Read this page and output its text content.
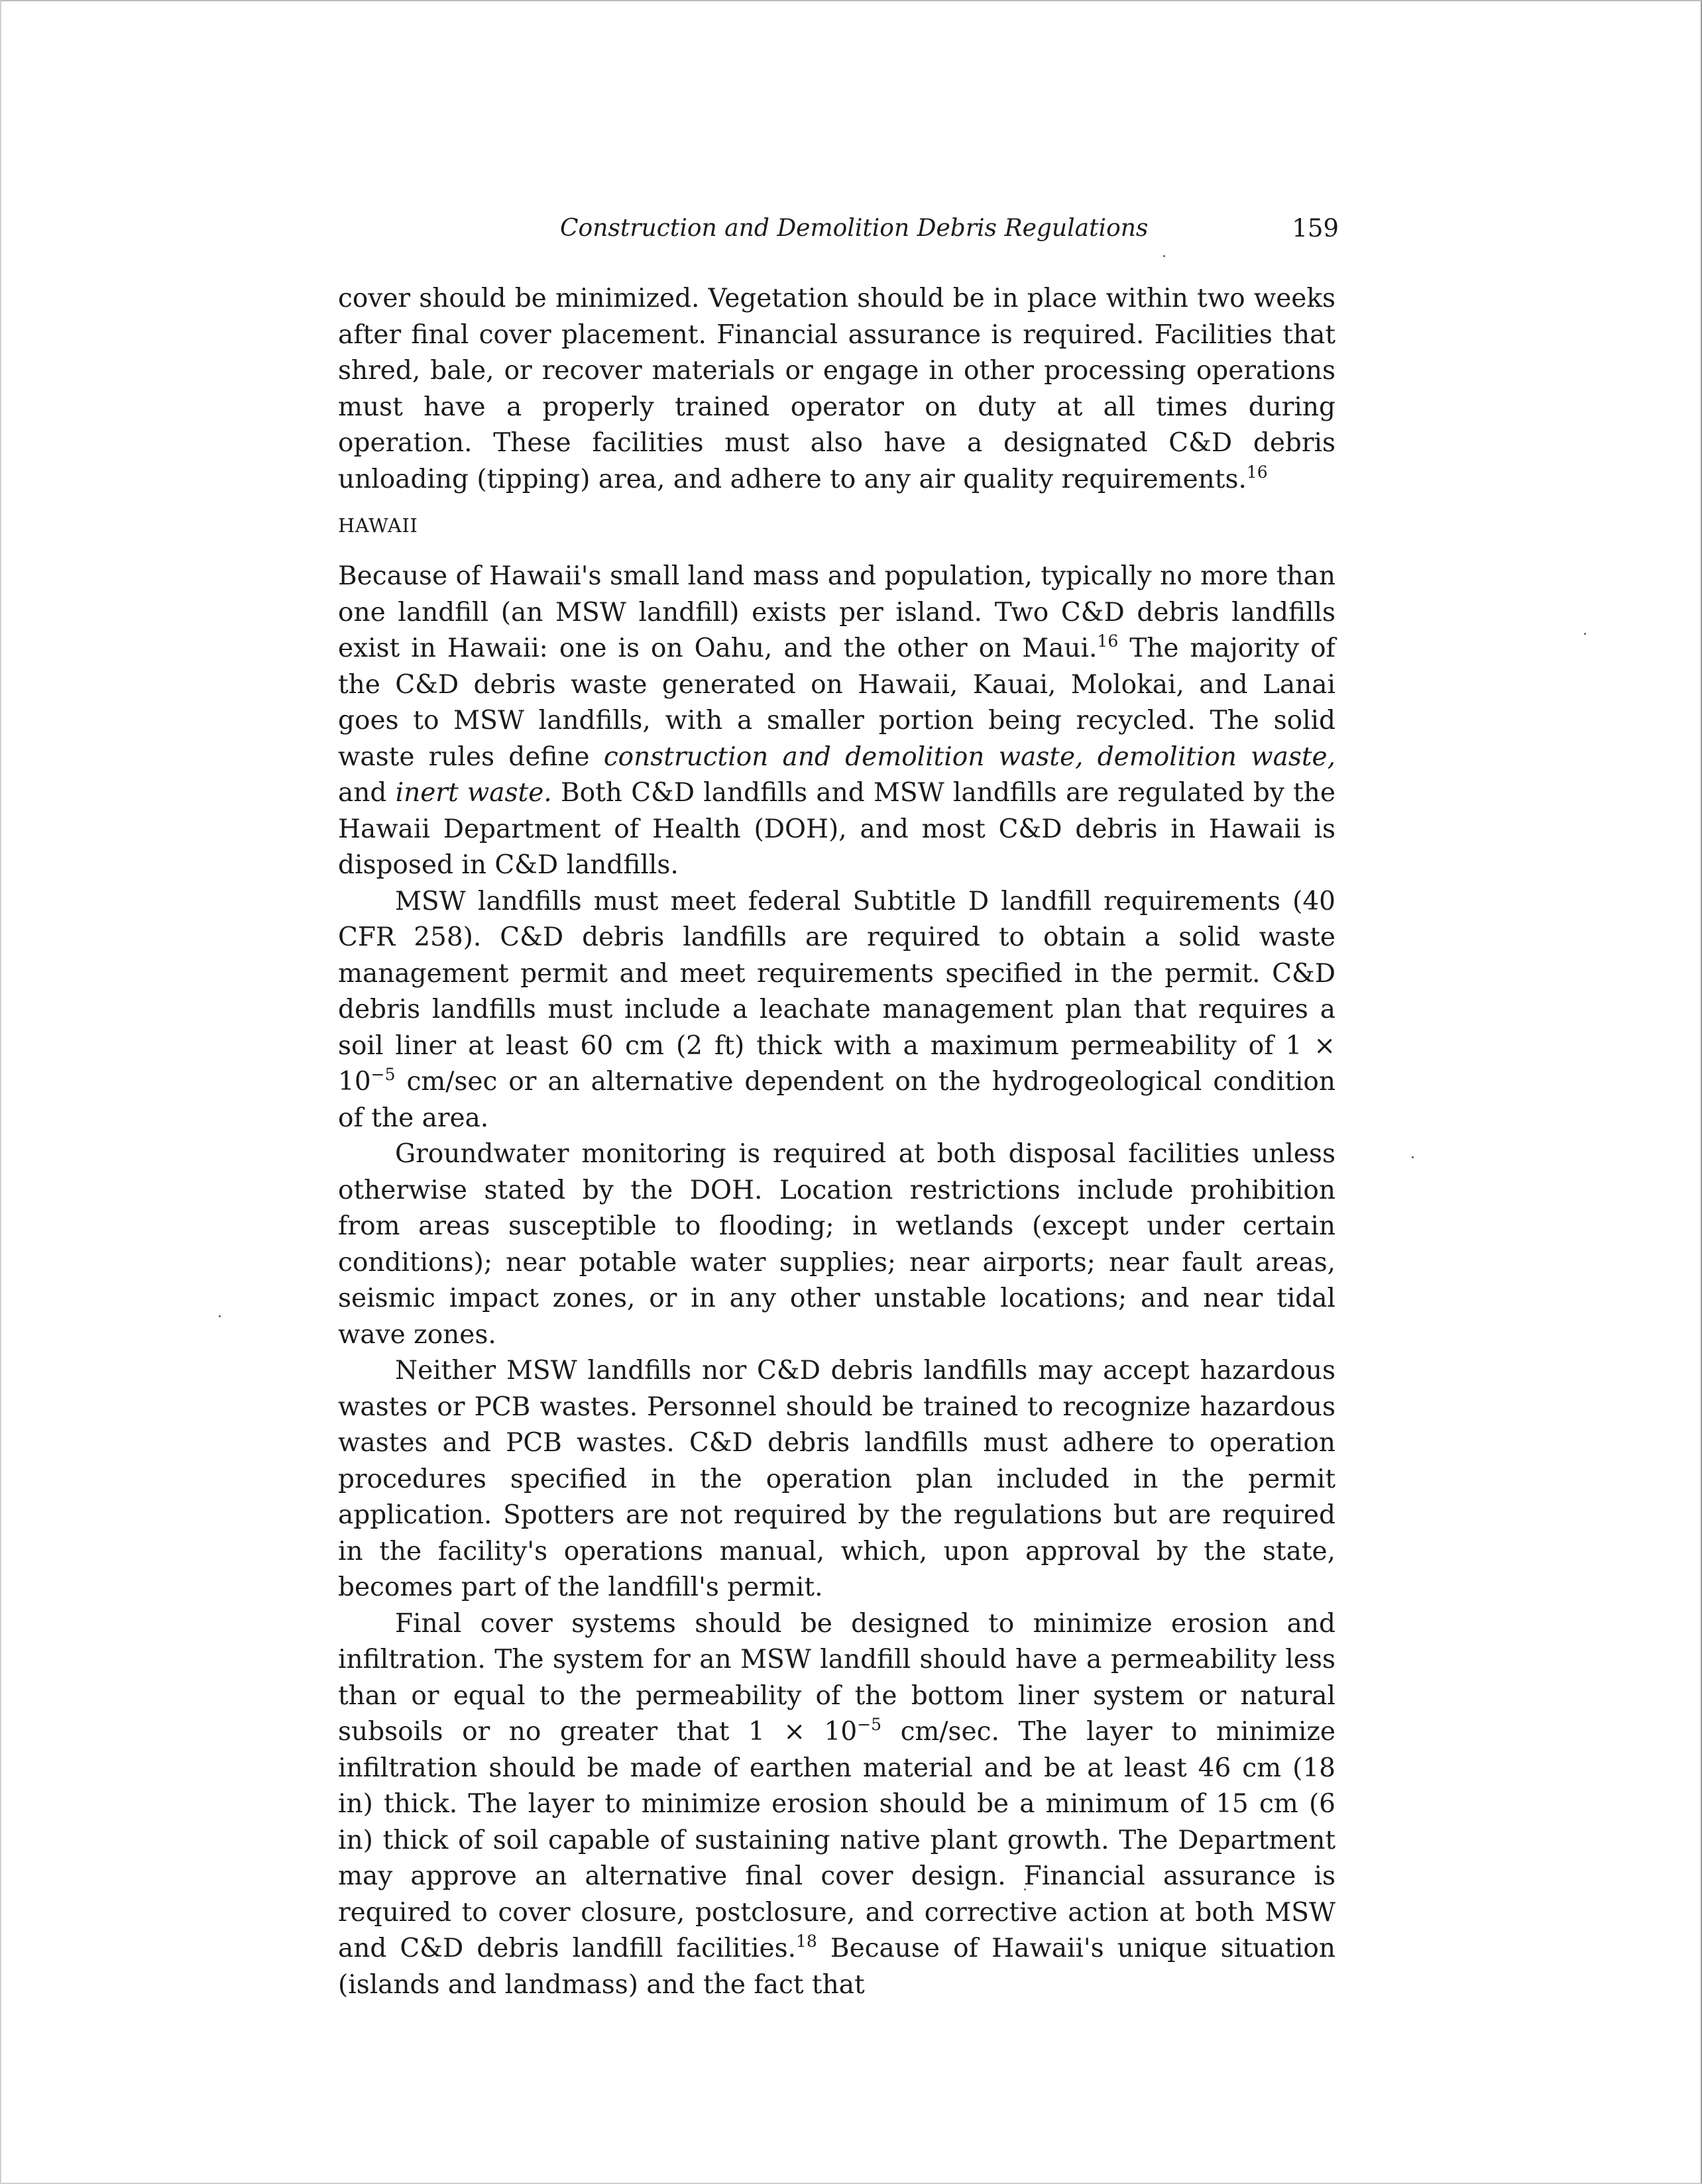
Construction and Demolition Debris Regulations	159

cover should be minimized. Vegetation should be in place within two weeks after final cover placement. Financial assurance is required. Facilities that shred, bale, or recover materials or engage in other processing operations must have a properly trained operator on duty at all times during operation. These facilities must also have a designated C&D debris unloading (tipping) area, and adhere to any air quality requirements.$^{16}$

HAWAII

Because of Hawaii's small land mass and population, typically no more than one landfill (an MSW landfill) exists per island. Two C&D debris landfills exist in Hawaii: one is on Oahu, and the other on Maui.$^{16}$ The majority of the C&D debris waste generated on Hawaii, Kauai, Molokai, and Lanai goes to MSW landfills, with a smaller portion being recycled. The solid waste rules define construction and demolition waste, demolition waste, and inert waste. Both C&D landfills and MSW landfills are regulated by the Hawaii Department of Health (DOH), and most C&D debris in Hawaii is disposed in C&D landfills.

MSW landfills must meet federal Subtitle D landfill requirements (40 CFR 258). C&D debris landfills are required to obtain a solid waste management permit and meet requirements specified in the permit. C&D debris landfills must include a leachate management plan that requires a soil liner at least 60 cm (2 ft) thick with a maximum permeability of $1 \times 10^{-5}$ cm/sec or an alternative dependent on the hydrogeological condition of the area.

Groundwater monitoring is required at both disposal facilities unless otherwise stated by the DOH. Location restrictions include prohibition from areas susceptible to flooding; in wetlands (except under certain conditions); near potable water supplies; near airports; near fault areas, seismic impact zones, or in any other unstable locations; and near tidal wave zones.

Neither MSW landfills nor C&D debris landfills may accept hazardous wastes or PCB wastes. Personnel should be trained to recognize hazardous wastes and PCB wastes. C&D debris landfills must adhere to operation procedures specified in the operation plan included in the permit application. Spotters are not required by the regulations but are required in the facility's operations manual, which, upon approval by the state, becomes part of the landfill's permit.

Final cover systems should be designed to minimize erosion and infiltration. The system for an MSW landfill should have a permeability less than or equal to the permeability of the bottom liner system or natural subsoils or no greater that $1 \times 10^{-5}$ cm/sec. The layer to minimize infiltration should be made of earthen material and be at least 46 cm (18 in) thick. The layer to minimize erosion should be a minimum of 15 cm (6 in) thick of soil capable of sustaining native plant growth. The Department may approve an alternative final cover design. Financial assurance is required to cover closure, postclosure, and corrective action at both MSW and C&D debris landfill facilities.$^{18}$ Because of Hawaii's unique situation (islands and landmass) and the fact that
